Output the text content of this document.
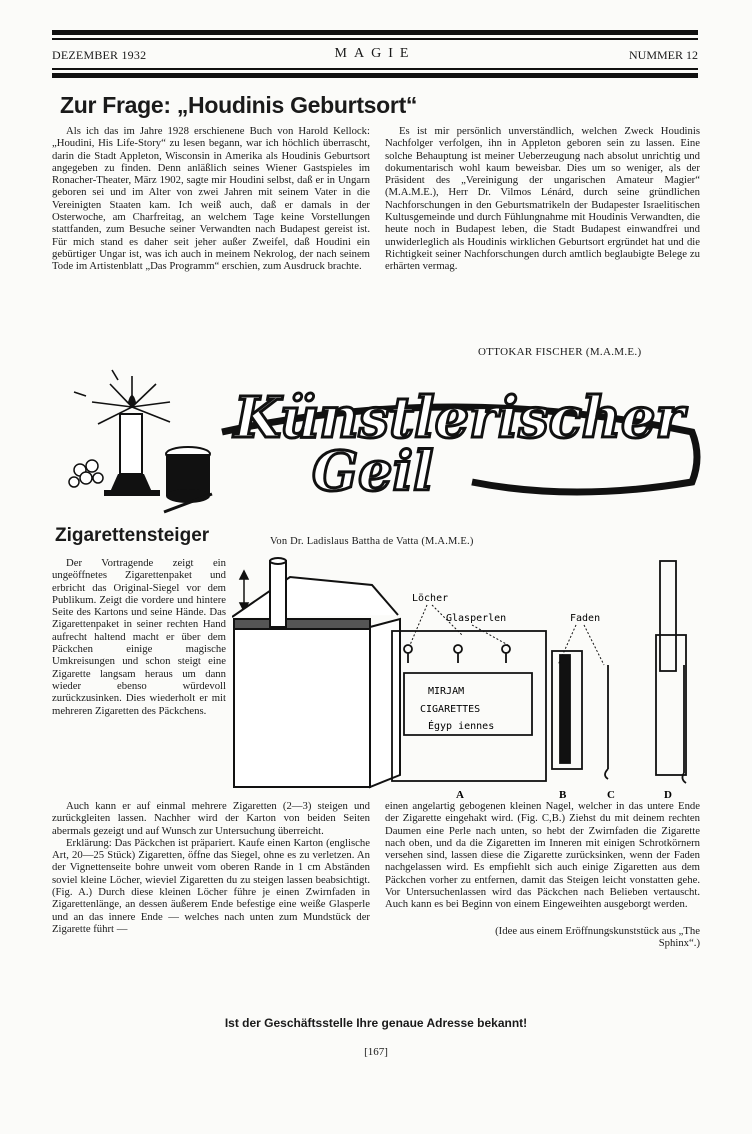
DEZEMBER 1932	MAGIE	NUMMER 12
Zur Frage: „Houdinis Geburtsort“

Als ich das im Jahre 1928 erschienene Buch von Harold Kellock: „Houdini, His Life-Story“ zu lesen begann, war ich höchlich überrascht, darin die Stadt Appleton, Wisconsin in Amerika als Houdinis Geburtsort angegeben zu finden. Denn anläßlich seines Wiener Gastspieles im Ronacher-Theater, März 1902, sagte mir Houdini selbst, daß er in Ungarn geboren sei und im Alter von zwei Jahren mit seinem Vater in die Vereinigten Staaten kam. Ich weiß auch, daß er damals in der Osterwoche, am Charfreitag, an welchem Tage keine Vorstellungen stattfanden, zum Besuche seiner Verwandten nach Budapest gereist ist. Für mich stand es daher seit jeher außer Zweifel, daß Houdini ein gebürtiger Ungar ist, was ich auch in meinem Nekrolog, der nach seinem Tode im Artistenblatt „Das Programm“ erschien, zum Ausdruck brachte.

Es ist mir persönlich unverständlich, welchen Zweck Houdinis Nachfolger verfolgen, ihn in Appleton geboren sein zu lassen. Eine solche Behauptung ist meiner Ueberzeugung nach absolut unrichtig und dokumentarisch wohl kaum beweisbar. Dies um so weniger, als der Präsident des „Vereinigung der ungarischen Amateur Magier“ (M.A.M.E.), Herr Dr. Vilmos Lénárd, durch seine gründlichen Nachforschungen in den Geburtsmatrikeln der Budapester Israelitischen Kultusgemeinde und durch Fühlungnahme mit Houdinis Verwandten, die heute noch in Budapest leben, die Stadt Budapest einwandfrei und unwiderleglich als Houdinis wirklichen Geburtsort ergründet hat und die Richtigkeit seiner Nachforschungen durch amtlich beglaubigte Belege zu erhärten vermag.

OTTOKAR FISCHER (M.A.M.E.)
Künstlerischer
Geil
Zigarettensteiger	Von Dr. Ladislaus Battha de Vatta (M.A.M.E.)

Der Vortragende zeigt ein ungeöffnetes Zigarettenpaket und erbricht das Original-Siegel vor dem Publikum. Zeigt die vordere und hintere Seite des Kartons und seine Hände. Das Zigarettenpaket in seiner rechten Hand aufrecht haltend macht er über dem Päckchen einige magische Umkreisungen und schon steigt eine Zigarette langsam heraus um dann wieder ebenso würdevoll zurückzusinken. Dies wiederholt er mit mehreren Zigaretten des Päckchens.

Löcher
Glasperlen	Faden
MIRJAM
CIGARETTES
Égyp iennes
A	B	C	D

Auch kann er auf einmal mehrere Zigaretten (2—3) steigen und zurückgleiten lassen. Nachher wird der Karton von beiden Seiten abermals gezeigt und auf Wunsch zur Untersuchung überreicht.

Erklärung: Das Päckchen ist präpariert. Kaufe einen Karton (englische Art, 20—25 Stück) Zigaretten, öffne das Siegel, ohne es zu verletzen. An der Vignettenseite bohre unweit vom oberen Rande in 1 cm Abständen soviel kleine Löcher, wieviel Zigaretten du zu steigen lassen beabsichtigt. (Fig. A.) Durch diese kleinen Löcher führe je einen Zwirnfaden in Zigarettenlänge, an dessen äußerem Ende befestige eine weiße Glasperle und an das innere Ende — welches nach unten zum Mundstück der Zigarette führt —

einen angelartig gebogenen kleinen Nagel, welcher in das untere Ende der Zigarette eingehakt wird. (Fig. C,B.) Ziehst du mit deinem rechten Daumen eine Perle nach unten, so hebt der Zwirnfaden die Zigarette nach oben, und da die Zigaretten im Inneren mit einigen Schrotkörnern versehen sind, lassen diese die Zigarette zurücksinken, wenn der Faden nachgelassen wird. Es empfiehlt sich auch einige Zigaretten aus dem Päckchen vorher zu entfernen, damit das Steigen leicht vonstatten gehe. Vor Untersuchenlassen wird das Päckchen nach Belieben vertauscht. Auch kann es bei Beginn von einem Eingeweihten ausgeborgt werden.

(Idee aus einem Eröffnungskunststück aus „The Sphinx“.)

Ist der Geschäftsstelle Ihre genaue Adresse bekannt!
[167]
